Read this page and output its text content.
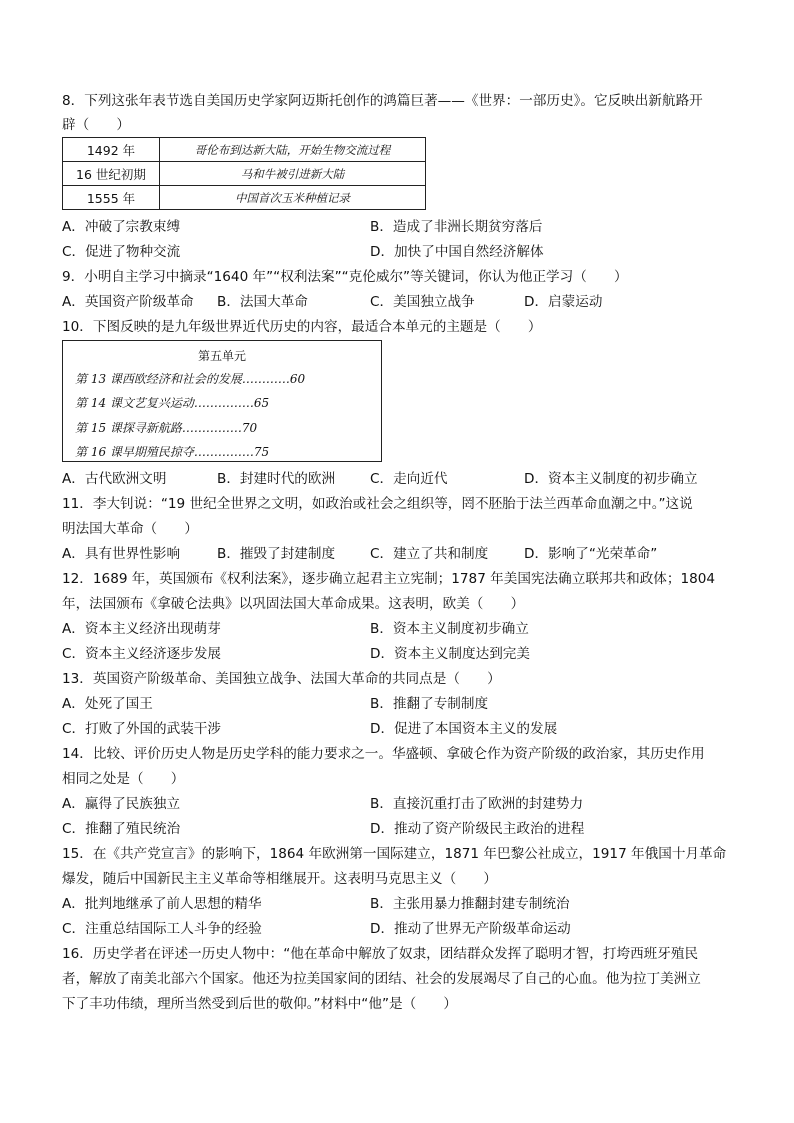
8．下列这张年表节选自美国历史学家阿迈斯托创作的鸿篇巨著——《世界：一部历史》。它反映出新航路开
辟（　　）
1492 年	哥伦布到达新大陆，开始生物交流过程
16 世纪初期	马和牛被引进新大陆
1555 年	中国首次玉米种植记录
A．冲破了宗教束缚	B．造成了非洲长期贫穷落后
C．促进了物种交流	D．加快了中国自然经济解体
9．小明自主学习中摘录“1640 年”“权利法案”“克伦威尔”等关键词，你认为他正学习（　　）
A．英国资产阶级革命 B．法国大革命	C．美国独立战争	D．启蒙运动
10．下图反映的是九年级世界近代历史的内容，最适合本单元的主题是（　　）
第五单元
第 13 课西欧经济和社会的发展…………60
第 14 课文艺复兴运动……………65
第 15 课探寻新航路……………70
第 16 课早期殖民掠夺……………75
A．古代欧洲文明	B．封建时代的欧洲	C．走向近代	D．资本主义制度的初步确立
11．李大钊说：“19 世纪全世界之文明，如政治或社会之组织等，罔不胚胎于法兰西革命血潮之中。”这说
明法国大革命（　　）
A．具有世界性影响	B．摧毁了封建制度	C．建立了共和制度	D．影响了“光荣革命”
12．1689 年，英国颁布《权利法案》，逐步确立起君主立宪制；1787 年美国宪法确立联邦共和政体；1804
年，法国颁布《拿破仑法典》以巩固法国大革命成果。这表明，欧美（　　）
A．资本主义经济出现萌芽	B．资本主义制度初步确立
C．资本主义经济逐步发展	D．资本主义制度达到完美
13．英国资产阶级革命、美国独立战争、法国大革命的共同点是（　　）
A．处死了国王	B．推翻了专制制度
C．打败了外国的武装干涉	D．促进了本国资本主义的发展
14．比较、评价历史人物是历史学科的能力要求之一。华盛顿、拿破仑作为资产阶级的政治家，其历史作用
相同之处是（　　）
A．赢得了民族独立	B．直接沉重打击了欧洲的封建势力
C．推翻了殖民统治	D．推动了资产阶级民主政治的进程
15．在《共产党宣言》的影响下，1864 年欧洲第一国际建立，1871 年巴黎公社成立，1917 年俄国十月革命
爆发，随后中国新民主主义革命等相继展开。这表明马克思主义（　　）
A．批判地继承了前人思想的精华	B．主张用暴力推翻封建专制统治
C．注重总结国际工人斗争的经验	D．推动了世界无产阶级革命运动
16．历史学者在评述一历史人物中：“他在革命中解放了奴隶，团结群众发挥了聪明才智，打垮西班牙殖民
者，解放了南美北部六个国家。他还为拉美国家间的团结、社会的发展竭尽了自己的心血。他为拉丁美洲立
下了丰功伟绩，理所当然受到后世的敬仰。”材料中“他”是（　　）
